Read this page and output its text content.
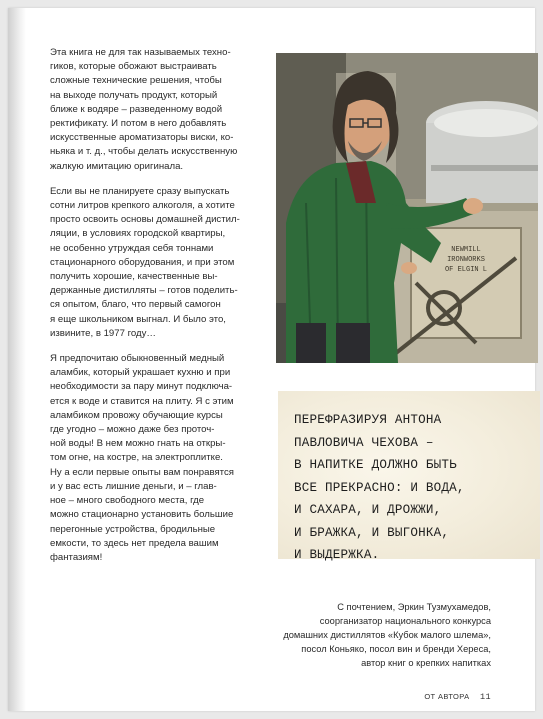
Эта книга не для так называемых техно-
гиков, которые обожают выстраивать
сложные технические решения, чтобы
на выходе получать продукт, который
ближе к водяре – разведенному водой
ректификату. И потом в него добавлять
искусственные ароматизаторы виски, ко-
ньяка и т. д., чтобы делать искусственную
жалкую имитацию оригинала.

Если вы не планируете сразу выпускать
сотни литров крепкого алкоголя, а хотите
просто освоить основы домашней дистил-
ляции, в условиях городской квартиры,
не особенно утруждая себя тоннами
стационарного оборудования, и при этом
получить хорошие, качественные вы-
держанные дистилляты – готов поделить-
ся опытом, благо, что первый самогон
я еще школьником выгнал. И было это,
извините, в 1977 году…

Я предпочитаю обыкновенный медный
аламбик, который украшает кухню и при
необходимости за пару минут подключа-
ется к воде и ставится на плиту. Я с этим
аламбиком провожу обучающие курсы
где угодно – можно даже без проточ-
ной воды! В нем можно гнать на откры-
том огне, на костре, на электроплитке.
Ну а если первые опыты вам понравятся
и у вас есть лишние деньги, и – глав-
ное – много свободного места, где
можно стационарно установить большие
перегонные устройства, бродильные
емкости, то здесь нет предела вашим
фантазиям!

NEWMILL
IRONWORKS
OF ELGIN L
ПЕРЕФРАЗИРУЯ АНТОНА
ПАВЛОВИЧА ЧЕХОВА –
В НАПИТКЕ ДОЛЖНО БЫТЬ
ВСЕ ПРЕКРАСНО: И ВОДА,
И САХАРА, И ДРОЖЖИ,
И БРАЖКА, И ВЫГОНКА,
И ВЫДЕРЖКА.
С почтением, Эркин Тузмухамедов,
соорганизатор национального конкурса
домашних дистиллятов «Кубок малого шлема»,
посол Коньяко, посол вин и бренди Хереса,
автор книг о крепких напитках
ОТ АВТОРА 11
